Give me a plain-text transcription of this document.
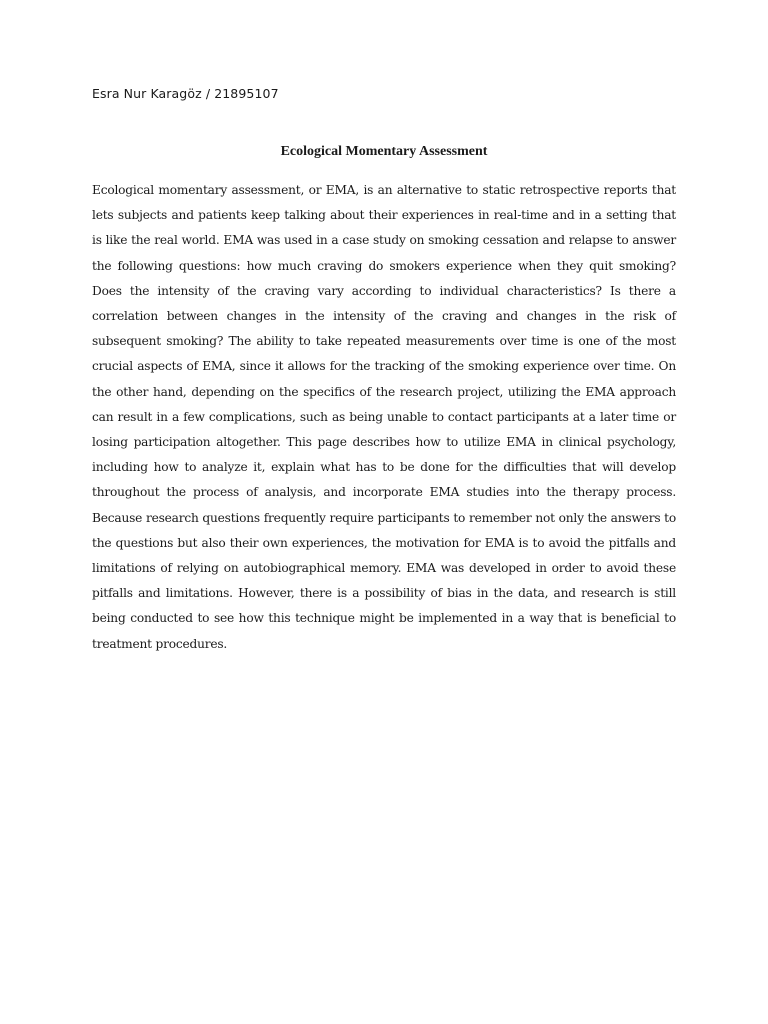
Esra Nur Karagöz / 21895107
Ecological Momentary Assessment

Ecological momentary assessment, or EMA, is an alternative to static retrospective reports that lets subjects and patients keep talking about their experiences in real-time and in a setting that is like the real world. EMA was used in a case study on smoking cessation and relapse to answer the following questions: how much craving do smokers experience when they quit smoking? Does the intensity of the craving vary according to individual characteristics? Is there a correlation between changes in the intensity of the craving and changes in the risk of subsequent smoking? The ability to take repeated measurements over time is one of the most crucial aspects of EMA, since it allows for the tracking of the smoking experience over time. On the other hand, depending on the specifics of the research project, utilizing the EMA approach can result in a few complications, such as being unable to contact participants at a later time or losing participation altogether. This page describes how to utilize EMA in clinical psychology, including how to analyze it, explain what has to be done for the difficulties that will develop throughout the process of analysis, and incorporate EMA studies into the therapy process. Because research questions frequently require participants to remember not only the answers to the questions but also their own experiences, the motivation for EMA is to avoid the pitfalls and limitations of relying on autobiographical memory. EMA was developed in order to avoid these pitfalls and limitations. However, there is a possibility of bias in the data, and research is still being conducted to see how this technique might be implemented in a way that is beneficial to treatment procedures.
